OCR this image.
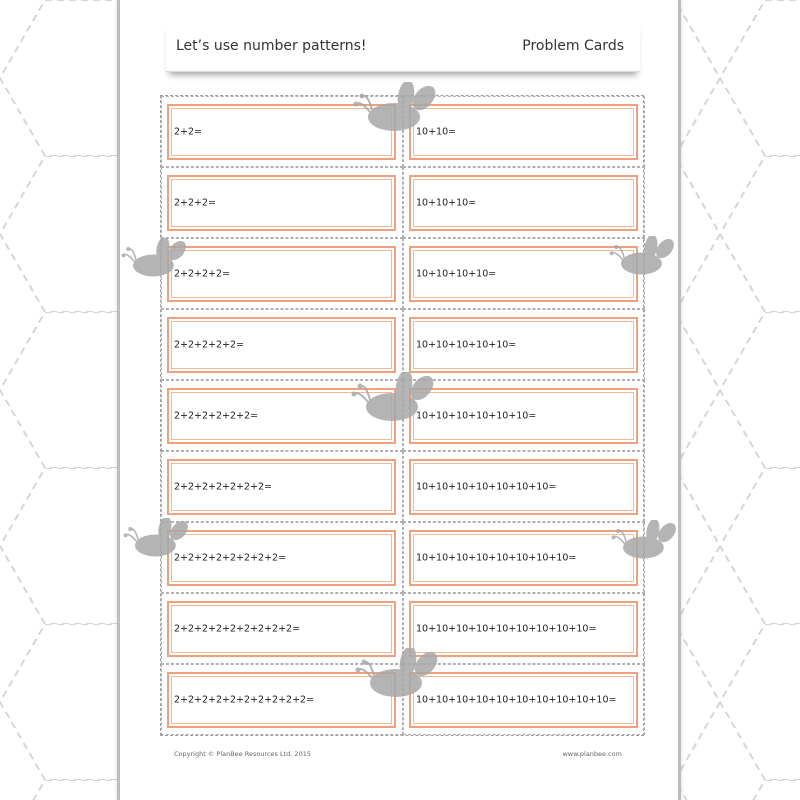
Let’s use number patterns!	Problem Cards
2+2=	10+10=
2+2+2=	10+10+10=
2+2+2+2=	10+10+10+10=
2+2+2+2+2=	10+10+10+10+10=
2+2+2+2+2+2=	10+10+10+10+10+10=
2+2+2+2+2+2+2=	10+10+10+10+10+10+10=
2+2+2+2+2+2+2+2=	10+10+10+10+10+10+10+10=
2+2+2+2+2+2+2+2+2=	10+10+10+10+10+10+10+10+10=
2+2+2+2+2+2+2+2+2+2=	10+10+10+10+10+10+10+10+10+10=
Copyright © PlanBee Resources Ltd. 2015	www.planbee.com
